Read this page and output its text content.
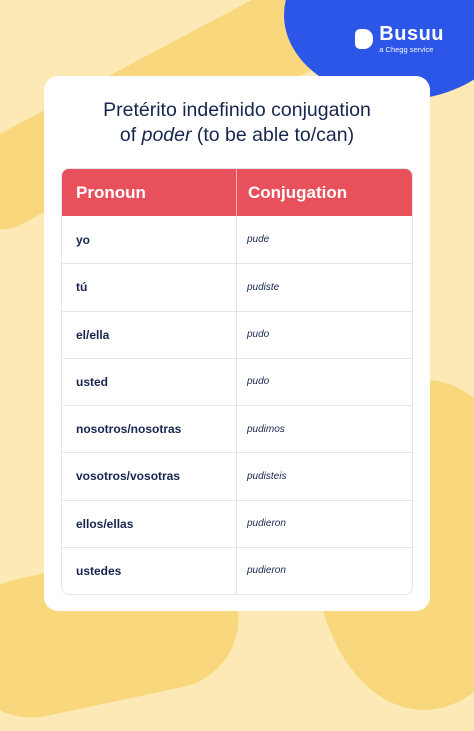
Busuu
a Chegg service
Pretérito indefinido conjugation
of poder (to be able to/can)
Pronoun	Conjugation
yo	pude
tú	pudiste
el/ella	pudo
usted	pudo
nosotros/nosotras	pudimos
vosotros/vosotras	pudisteis
ellos/ellas	pudieron
ustedes	pudieron
